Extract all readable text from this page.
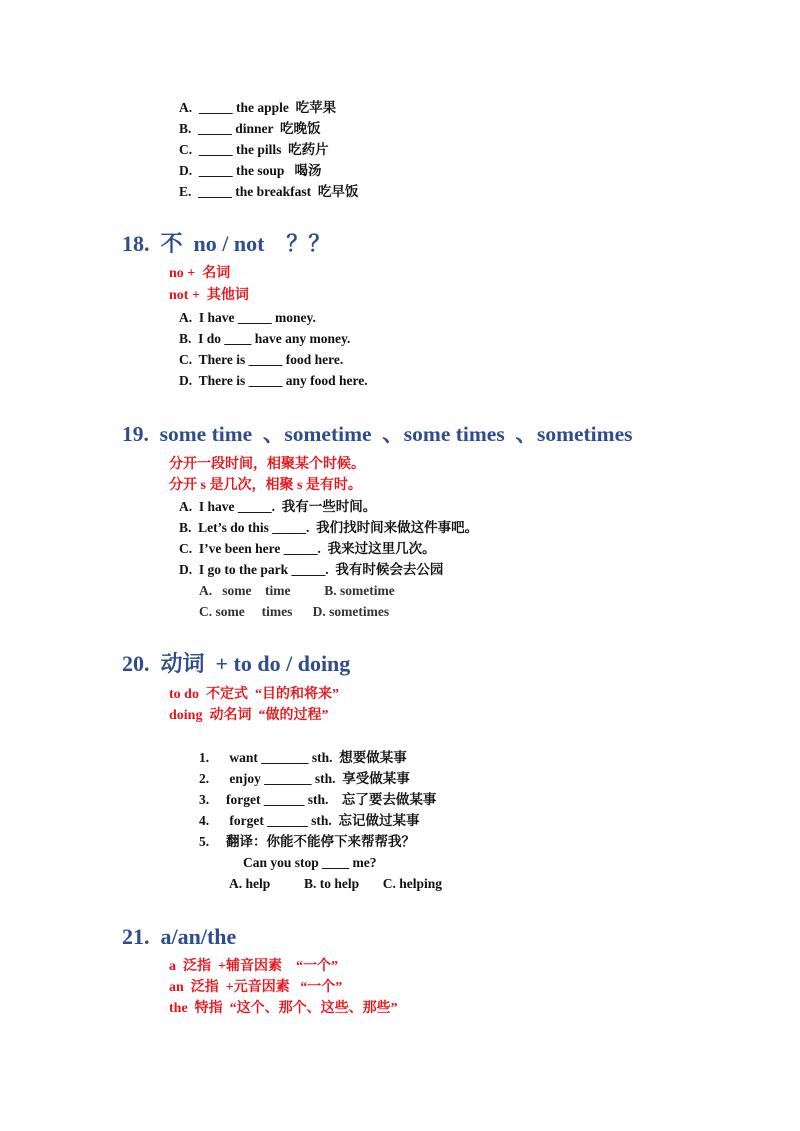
A.  _____ the apple  吃苹果
B.  _____ dinner  吃晚饭
C.  _____ the pills  吃药片
D.  _____ the soup   喝汤
E.  _____ the breakfast  吃早饭
18.  不  no / not    ？？
no +  名词
not +  其他词
A.  I have _____ money.
B.  I do ____ have any money.
C.  There is _____ food here.
D.  There is _____ any food here.
19.  some time  、sometime  、some times  、sometimes
分开一段时间，相聚某个时候。
分开 s 是几次，相聚 s 是有时。
A.  I have _____.  我有一些时间。
B.  Let’s do this _____.  我们找时间来做这件事吧。
C.  I’ve been here _____.  我来过这里几次。
D.  I go to the park _____.  我有时候会去公园
A.   some    time          B. sometime
C. some     times      D. sometimes
20.  动词  + to do / doing
to do  不定式  “目的和将来”
doing  动名词  “做的过程”
1.      want _______ sth.  想要做某事
2.      enjoy _______ sth.  享受做某事
3.     forget ______ sth.    忘了要去做某事
4.      forget ______ sth.  忘记做过某事
5.     翻译：你能不能停下来帮帮我？
Can you stop ____ me?
A. help          B. to help       C. helping
21.  a/an/the
a  泛指  +辅音因素    “一个”
an  泛指  +元音因素   “一个”
the  特指  “这个、那个、这些、那些”
